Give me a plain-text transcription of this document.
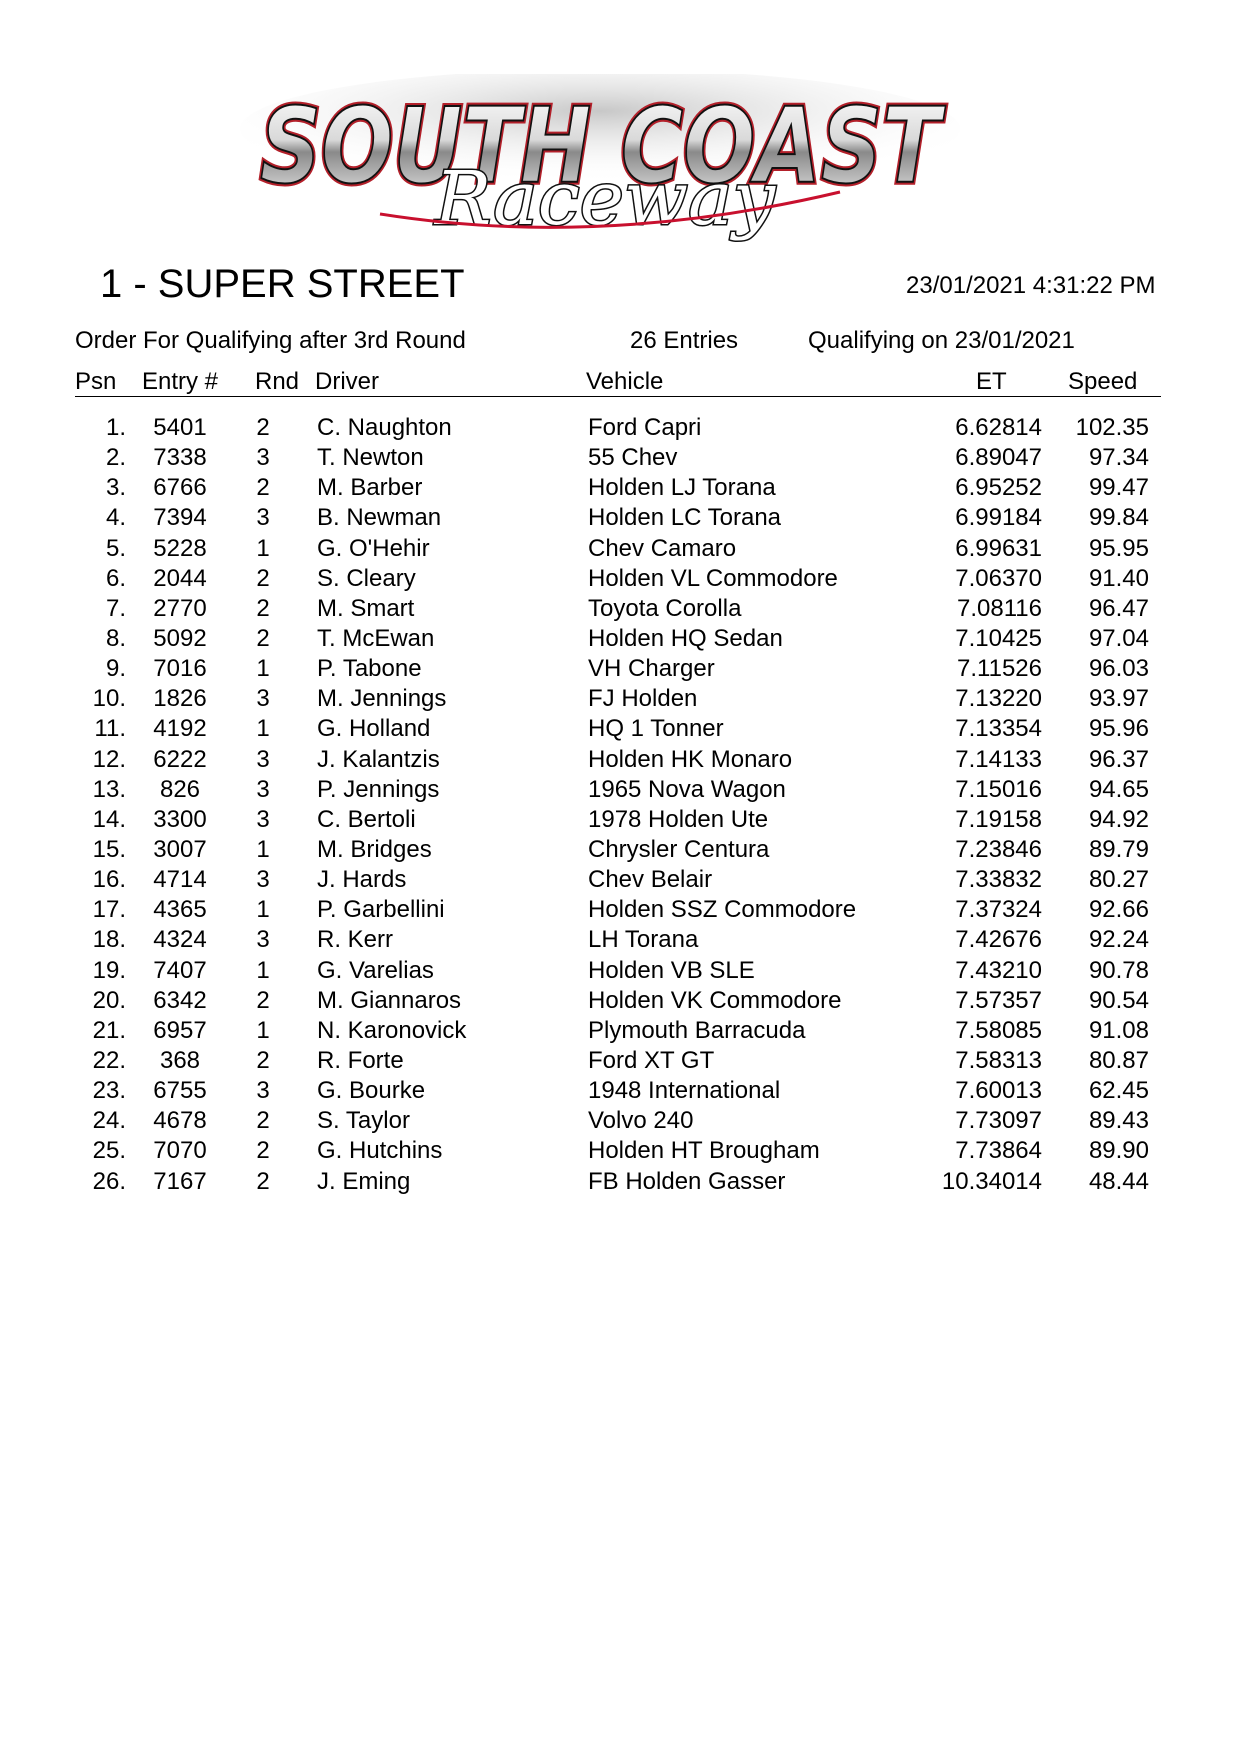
SOUTH COAST
SOUTH COAST
Raceway
1 - SUPER STREET	23/01/2021 4:31:22 PM
Order For Qualifying after 3rd Round	26 Entries	Qualifying on 23/01/2021
Psn Entry # Rnd Driver	Vehicle	ET	Speed
1. 5401 2 C. Naughton	Ford Capri	6.62814 102.35
2. 7338 3 T. Newton	55 Chev	6.89047 97.34
3. 6766 2 M. Barber	Holden LJ Torana	6.95252 99.47
4. 7394 3 B. Newman	Holden LC Torana	6.99184 99.84
5. 5228 1 G. O'Hehir	Chev Camaro	6.99631 95.95
6. 2044 2 S. Cleary	Holden VL Commodore	7.06370 91.40
7. 2770 2 M. Smart	Toyota Corolla	7.08116 96.47
8. 5092 2 T. McEwan	Holden HQ Sedan	7.10425 97.04
9. 7016 1 P. Tabone	VH Charger	7.11526 96.03
10. 1826 3 M. Jennings	FJ Holden	7.13220 93.97
11. 4192 1 G. Holland	HQ 1 Tonner	7.13354 95.96
12. 6222 3 J. Kalantzis	Holden HK Monaro	7.14133 96.37
13.	826	3 P. Jennings	1965 Nova Wagon	7.15016 94.65
14. 3300 3 C. Bertoli	1978 Holden Ute	7.19158 94.92
15. 3007 1 M. Bridges	Chrysler Centura	7.23846 89.79
16. 4714 3 J. Hards	Chev Belair	7.33832 80.27
17. 4365 1 P. Garbellini	Holden SSZ Commodore	7.37324 92.66
18. 4324 3 R. Kerr	LH Torana	7.42676 92.24
19. 7407 1 G. Varelias	Holden VB SLE	7.43210 90.78
20. 6342 2 M. Giannaros	Holden VK Commodore	7.57357 90.54
21. 6957 1 N. Karonovick	Plymouth Barracuda	7.58085 91.08
22.	368	2 R. Forte	Ford XT GT	7.58313 80.87
23. 6755 3 G. Bourke	1948 International	7.60013 62.45
24. 4678 2 S. Taylor	Volvo 240	7.73097 89.43
25. 7070 2 G. Hutchins	Holden HT Brougham	7.73864 89.90
26. 7167 2 J. Eming	FB Holden Gasser	10.34014 48.44
